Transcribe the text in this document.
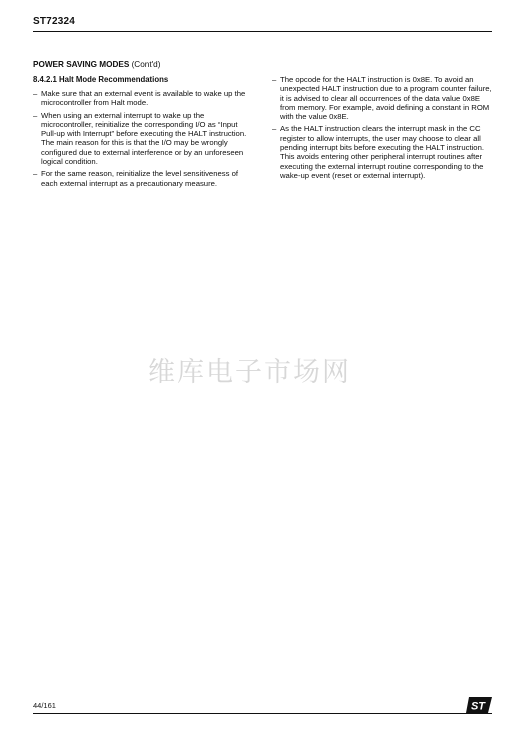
ST72324
POWER SAVING MODES (Cont'd)
8.4.2.1 Halt Mode Recommendations
– Make sure that an external event is available to wake up the microcontroller from Halt mode.
– When using an external interrupt to wake up the microcontroller, reinitialize the corresponding I/O as “Input Pull-up with Interrupt” before executing the HALT instruction. The main reason for this is that the I/O may be wrongly configured due to external interference or by an unforeseen logical condition.
– For the same reason, reinitialize the level sensitiveness of each external interrupt as a precautionary measure.
– The opcode for the HALT instruction is 0x8E. To avoid an unexpected HALT instruction due to a program counter failure, it is advised to clear all occurrences of the data value 0x8E from memory. For example, avoid defining a constant in ROM with the value 0x8E.
– As the HALT instruction clears the interrupt mask in the CC register to allow interrupts, the user may choose to clear all pending interrupt bits before executing the HALT instruction. This avoids entering other peripheral interrupt routines after executing the external interrupt routine corresponding to the wake-up event (reset or external interrupt).
维库电子市场网
44/161	ST
